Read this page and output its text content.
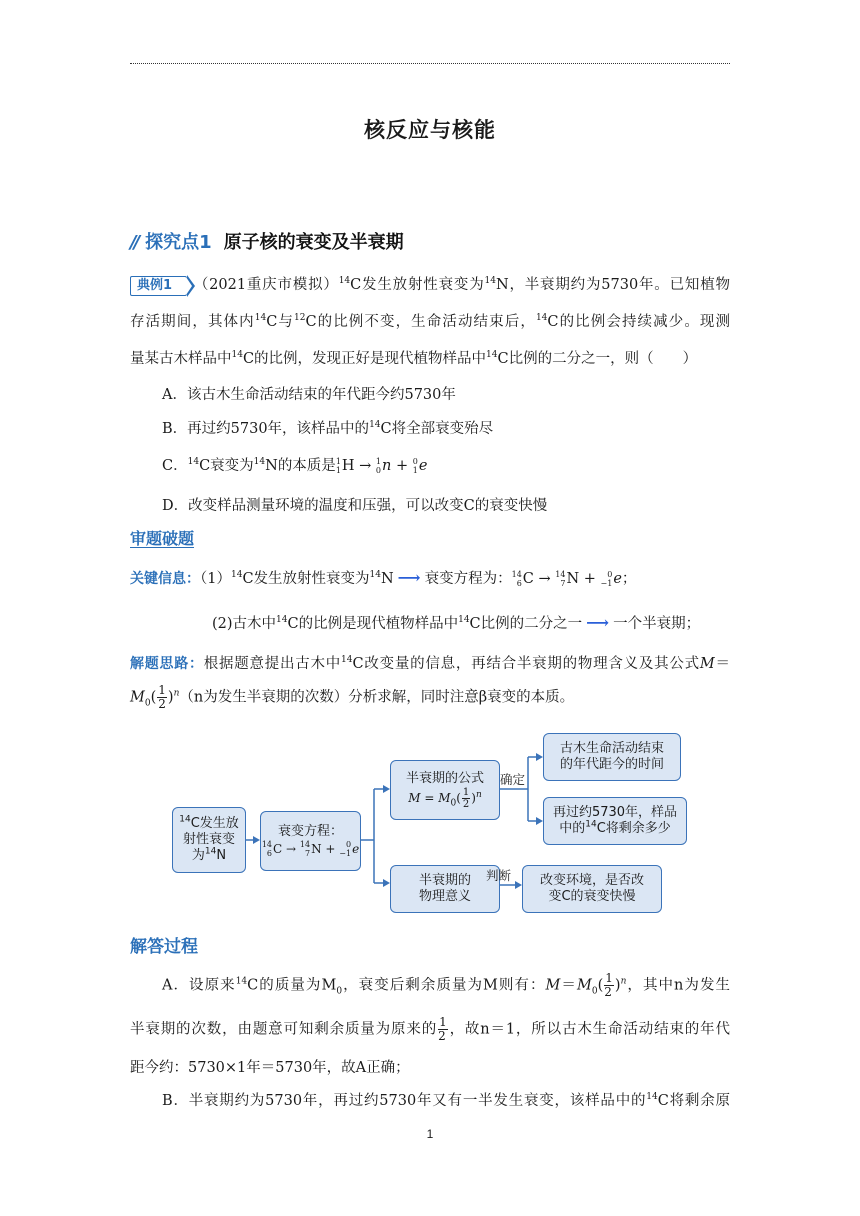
核反应与核能
// 探究点1 原子核的衰变及半衰期
典例1 （2021重庆市模拟）$^{14}$C发生放射性衰变为$^{14}$N，半衰期约为5730年。已知植物
存活期间，其体内$^{14}$C与$^{12}$C的比例不变，生命活动结束后，$^{14}$C的比例会持续减少。现测
量某古木样品中$^{14}$C的比例，发现正好是现代植物样品中$^{14}$C比例的二分之一，则（　　）
A．该古木生命活动结束的年代距今约5730年
B．再过约5730年，该样品中的$^{14}$C将全部衰变殆尽
C．$^{14}$C衰变为$^{14}$N的本质是 1
1 H → 1
0 n + 0
1 e
D．改变样品测量环境的温度和压强，可以改变C的衰变快慢
审题破题
关键信息：$(1)^{14}C$发生放射性衰变为$^{14}$N ⟶ 衰变方程为： 14
6 C → 14
7 N + 0
−1 e；
(2)古木中$^{14}$C的比例是现代植物样品中$^{14}$C比例的二分之一 ⟶ 一个半衰期；
解题思路：根据题意提出古木中$^{14}$C改变量的信息，再结合半衰期的物理含义及其公式M＝
$M_0( \frac{1}{2} )^n(n$为发生半衰期的次数）分析求解，同时注意β衰变的本质。
$^{14}$C发生放
射性衰变
为$^{14}$N
衰变方程：

14
6 C → 14
7 N + 0
−1 e
半衰期的公式
$M = M_0( \frac{1}{2} )^n$
半衰期的
物理意义
古木生命活动结束
的年代距今的时间
再过约5730年，样品
中的$^{14}$C将剩余多少
改变环境，是否改
变C的衰变快慢
确定
判断
解答过程
A．设原来$^{14}$C的质量为$M_0$，衰变后剩余质量为M则有：$M=M_0( \frac{1}{2} )^n$，其中n为发生
半衰期的次数，由题意可知剩余质量为原来的 $\frac{1}{2}$ ，故n＝1，所以古木生命活动结束的年代
距今约：5730×1年＝5730年，故A正确；
B．半衰期约为5730年，再过约5730年又有一半发生衰变，该样品中的$^{14}$C将剩余原
1
